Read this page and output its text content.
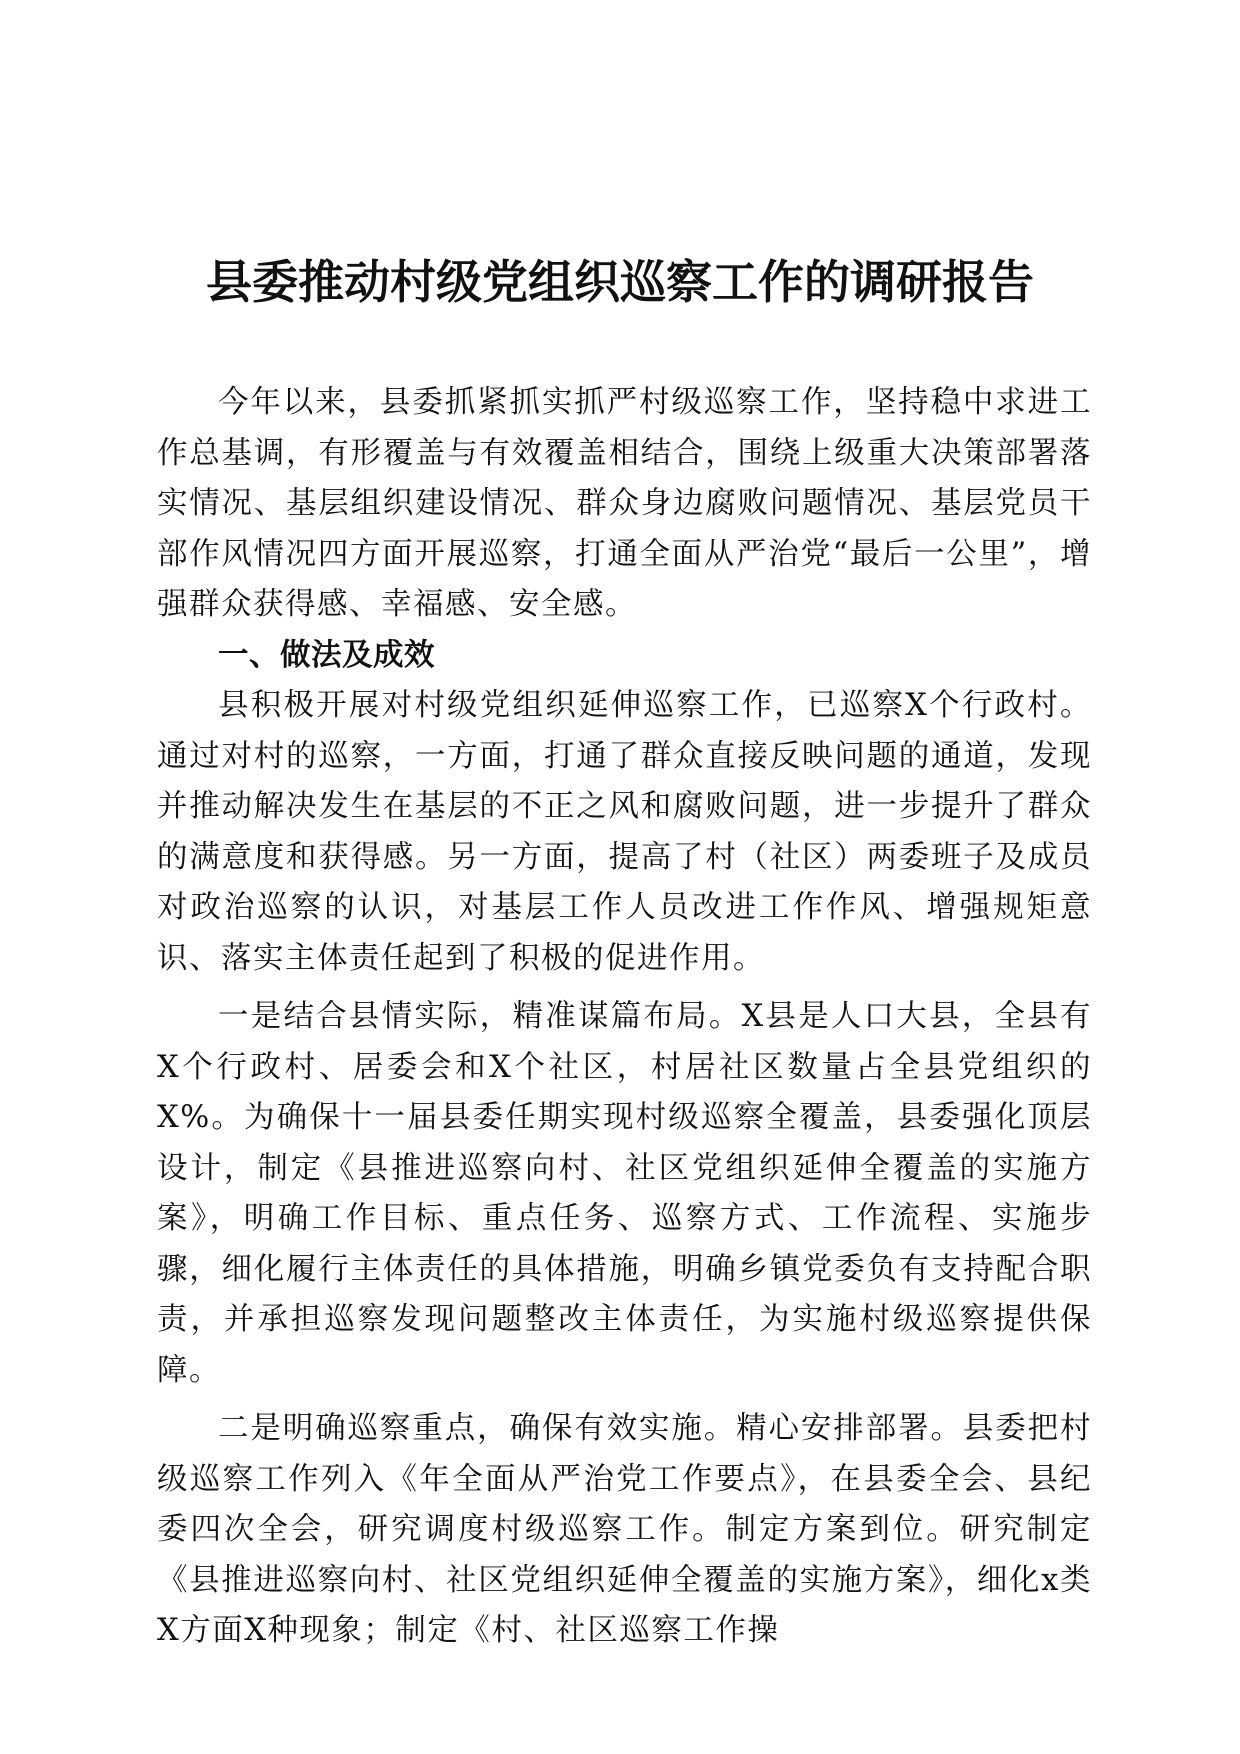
县委推动村级党组织巡察工作的调研报告

今年以来，县委抓紧抓实抓严村级巡察工作，坚持稳中求进工作总基调，有形覆盖与有效覆盖相结合，围绕上级重大决策部署落实情况、基层组织建设情况、群众身边腐败问题情况、基层党员干部作风情况四方面开展巡察，打通全面从严治党“最后一公里”，增强群众获得感、幸福感、安全感。

一、做法及成效

县积极开展对村级党组织延伸巡察工作，已巡察X个行政村。通过对村的巡察，一方面，打通了群众直接反映问题的通道，发现并推动解决发生在基层的不正之风和腐败问题，进一步提升了群众的满意度和获得感。另一方面，提高了村（社区）两委班子及成员对政治巡察的认识，对基层工作人员改进工作作风、增强规矩意识、落实主体责任起到了积极的促进作用。

一是结合县情实际，精准谋篇布局。X县是人口大县，全县有X个行政村、居委会和X个社区，村居社区数量占全县党组织的X%。为确保十一届县委任期实现村级巡察全覆盖，县委强化顶层设计，制定《县推进巡察向村、社区党组织延伸全覆盖的实施方案》，明确工作目标、重点任务、巡察方式、工作流程、实施步骤，细化履行主体责任的具体措施，明确乡镇党委负有支持配合职责，并承担巡察发现问题整改主体责任，为实施村级巡察提供保障。

二是明确巡察重点，确保有效实施。精心安排部署。县委把村级巡察工作列入《年全面从严治党工作要点》，在县委全会、县纪委四次全会，研究调度村级巡察工作。制定方案到位。研究制定《县推进巡察向村、社区党组织延伸全覆盖的实施方案》，细化x类X方面X种现象；制定《村、社区巡察工作操
